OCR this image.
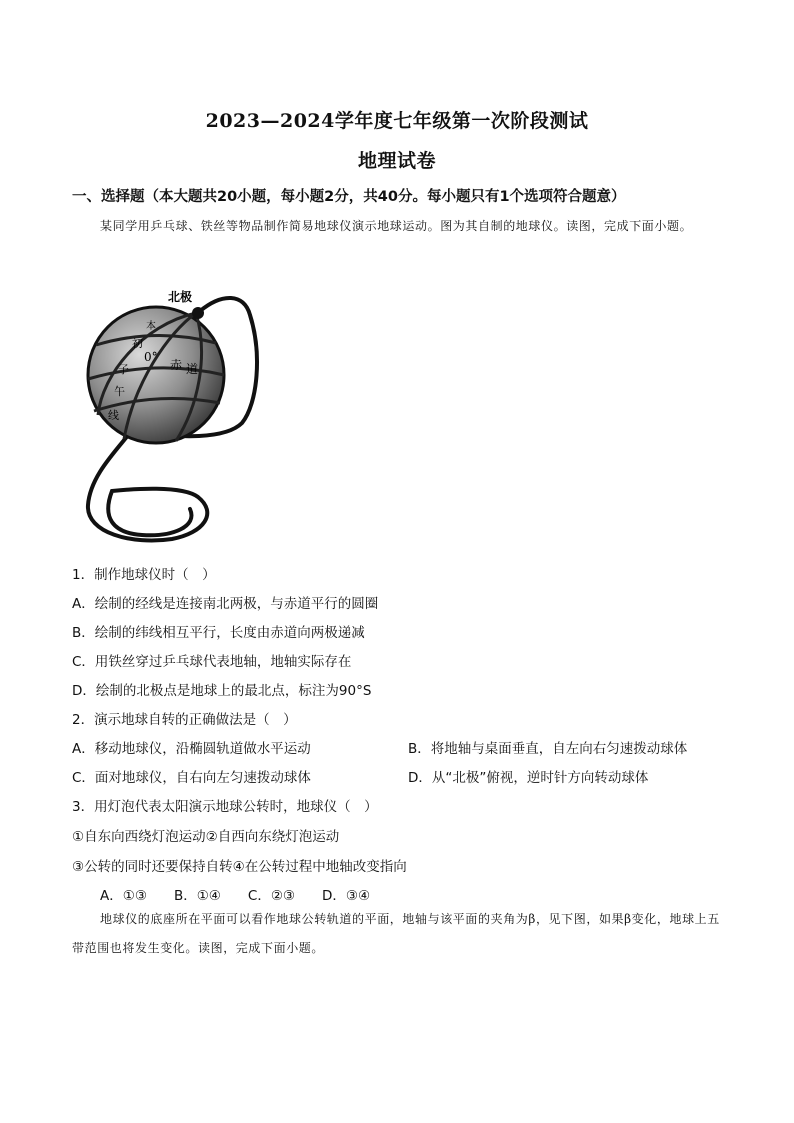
2023—2024学年度七年级第一次阶段测试
地理试卷
一、选择题（本大题共20小题，每小题2分，共40分。每小题只有1个选项符合题意）
某同学用乒乓球、铁丝等物品制作简易地球仪演示地球运动。图为其自制的地球仪。读图，完成下面小题。
北极
本
初
子
午
线
0°
赤 道
1．制作地球仪时（　）
A．绘制的经线是连接南北两极，与赤道平行的圆圈
B．绘制的纬线相互平行，长度由赤道向两极递减
C．用铁丝穿过乒乓球代表地轴，地轴实际存在
D．绘制的北极点是地球上的最北点，标注为90°S
2．演示地球自转的正确做法是（　）
A．移动地球仪，沿椭圆轨道做水平运动	B．将地轴与桌面垂直，自左向右匀速拨动球体
C．面对地球仪，自右向左匀速拨动球体	D．从“北极”俯视，逆时针方向转动球体
3．用灯泡代表太阳演示地球公转时，地球仪（　）
①自东向西绕灯泡运动②自西向东绕灯泡运动
③公转的同时还要保持自转④在公转过程中地轴改变指向
A．①③　　B．①④　　C．②③　　D．③④
地球仪的底座所在平面可以看作地球公转轨道的平面，地轴与该平面的夹角为β，见下图，如果β变化，地球上五带范围也将发生变化。读图，完成下面小题。
